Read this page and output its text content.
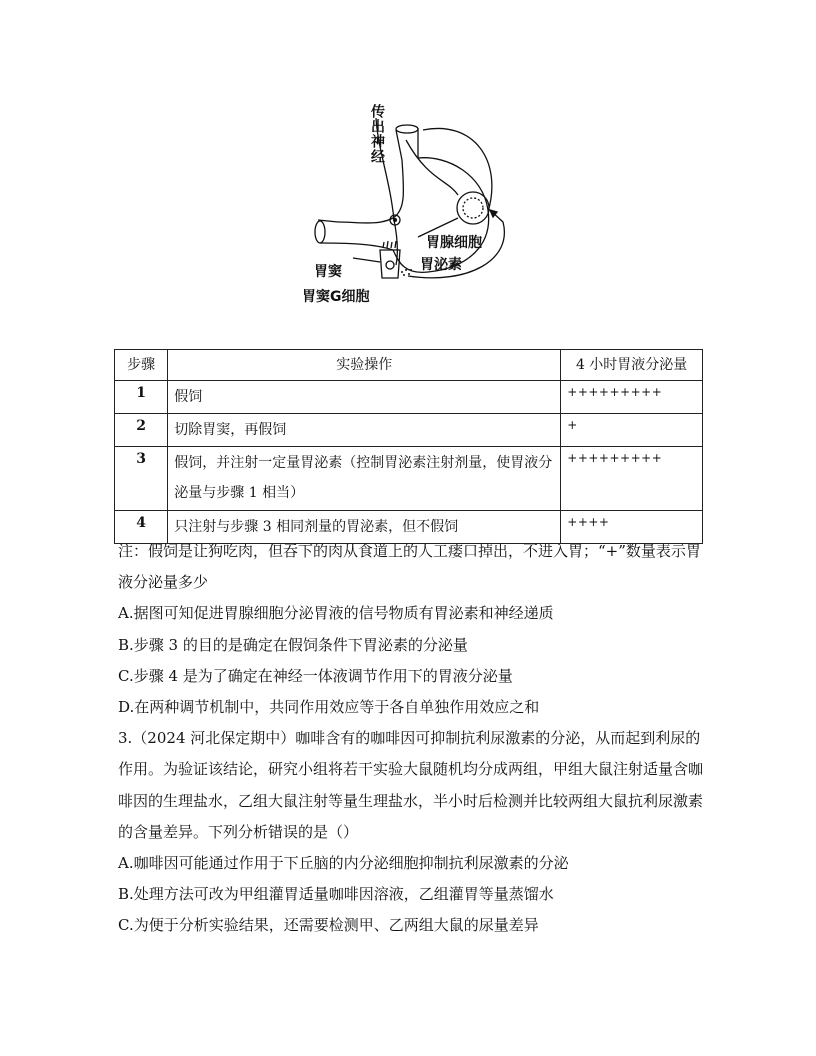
传出神经
胃腺细胞
胃泌素
胃窦
胃窦G细胞
步骤	实验操作	4 小时胃液分泌量
1	假饲	+++++++++
2	切除胃窦，再假饲	+
3	假饲，并注射一定量胃泌素（控制胃泌素注射剂量，使胃液分泌量与步骤 1 相当）	+++++++++
4	只注射与步骤 3 相同剂量的胃泌素，但不假饲	++++

注：假饲是让狗吃肉，但吞下的肉从食道上的人工瘘口掉出，不进入胃；“+”数量表示胃液分泌量多少

A.据图可知促进胃腺细胞分泌胃液的信号物质有胃泌素和神经递质

B.步骤 3 的目的是确定在假饲条件下胃泌素的分泌量

C.步骤 4 是为了确定在神经一体液调节作用下的胃液分泌量

D.在两种调节机制中，共同作用效应等于各自单独作用效应之和

3.（2024 河北保定期中）咖啡含有的咖啡因可抑制抗利尿激素的分泌，从而起到利尿的作用。为验证该结论，研究小组将若干实验大鼠随机均分成两组，甲组大鼠注射适量含咖啡因的生理盐水，乙组大鼠注射等量生理盐水，半小时后检测并比较两组大鼠抗利尿激素的含量差异。下列分析错误的是（）

A.咖啡因可能通过作用于下丘脑的内分泌细胞抑制抗利尿激素的分泌

B.处理方法可改为甲组灌胃适量咖啡因溶液，乙组灌胃等量蒸馏水

C.为便于分析实验结果，还需要检测甲、乙两组大鼠的尿量差异
